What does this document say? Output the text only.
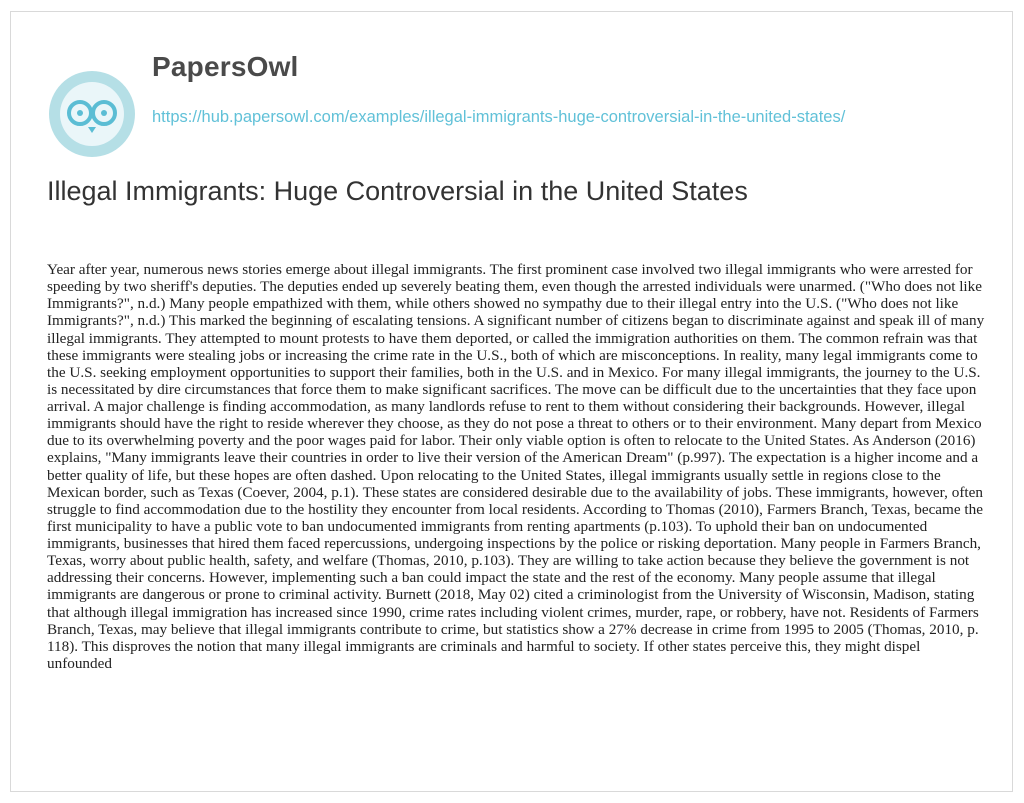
PapersOwl
https://hub.papersowl.com/examples/illegal-immigrants-huge-controversial-in-the-united-states/
Illegal Immigrants: Huge Controversial in the United States

Year after year, numerous news stories emerge about illegal immigrants. The first prominent case involved two illegal immigrants who were arrested for speeding by two sheriff's deputies. The deputies ended up severely beating them, even though the arrested individuals were unarmed. ("Who does not like Immigrants?", n.d.) Many people empathized with them, while others showed no sympathy due to their illegal entry into the U.S. ("Who does not like Immigrants?", n.d.) This marked the beginning of escalating tensions. A significant number of citizens began to discriminate against and speak ill of many illegal immigrants. They attempted to mount protests to have them deported, or called the immigration authorities on them. The common refrain was that these immigrants were stealing jobs or increasing the crime rate in the U.S., both of which are misconceptions. In reality, many legal immigrants come to the U.S. seeking employment opportunities to support their families, both in the U.S. and in Mexico. For many illegal immigrants, the journey to the U.S. is necessitated by dire circumstances that force them to make significant sacrifices. The move can be difficult due to the uncertainties that they face upon arrival. A major challenge is finding accommodation, as many landlords refuse to rent to them without considering their backgrounds. However, illegal immigrants should have the right to reside wherever they choose, as they do not pose a threat to others or to their environment. Many depart from Mexico due to its overwhelming poverty and the poor wages paid for labor. Their only viable option is often to relocate to the United States. As Anderson (2016) explains, "Many immigrants leave their countries in order to live their version of the American Dream" (p.997). The expectation is a higher income and a better quality of life, but these hopes are often dashed. Upon relocating to the United States, illegal immigrants usually settle in regions close to the Mexican border, such as Texas (Coever, 2004, p.1). These states are considered desirable due to the availability of jobs. These immigrants, however, often struggle to find accommodation due to the hostility they encounter from local residents. According to Thomas (2010), Farmers Branch, Texas, became the first municipality to have a public vote to ban undocumented immigrants from renting apartments (p.103). To uphold their ban on undocumented immigrants, businesses that hired them faced repercussions, undergoing inspections by the police or risking deportation. Many people in Farmers Branch, Texas, worry about public health, safety, and welfare (Thomas, 2010, p.103). They are willing to take action because they believe the government is not addressing their concerns. However, implementing such a ban could impact the state and the rest of the economy. Many people assume that illegal immigrants are dangerous or prone to criminal activity. Burnett (2018, May 02) cited a criminologist from the University of Wisconsin, Madison, stating that although illegal immigration has increased since 1990, crime rates including violent crimes, murder, rape, or robbery, have not. Residents of Farmers Branch, Texas, may believe that illegal immigrants contribute to crime, but statistics show a 27% decrease in crime from 1995 to 2005 (Thomas, 2010, p. 118). This disproves the notion that many illegal immigrants are criminals and harmful to society. If other states perceive this, they might dispel unfounded
